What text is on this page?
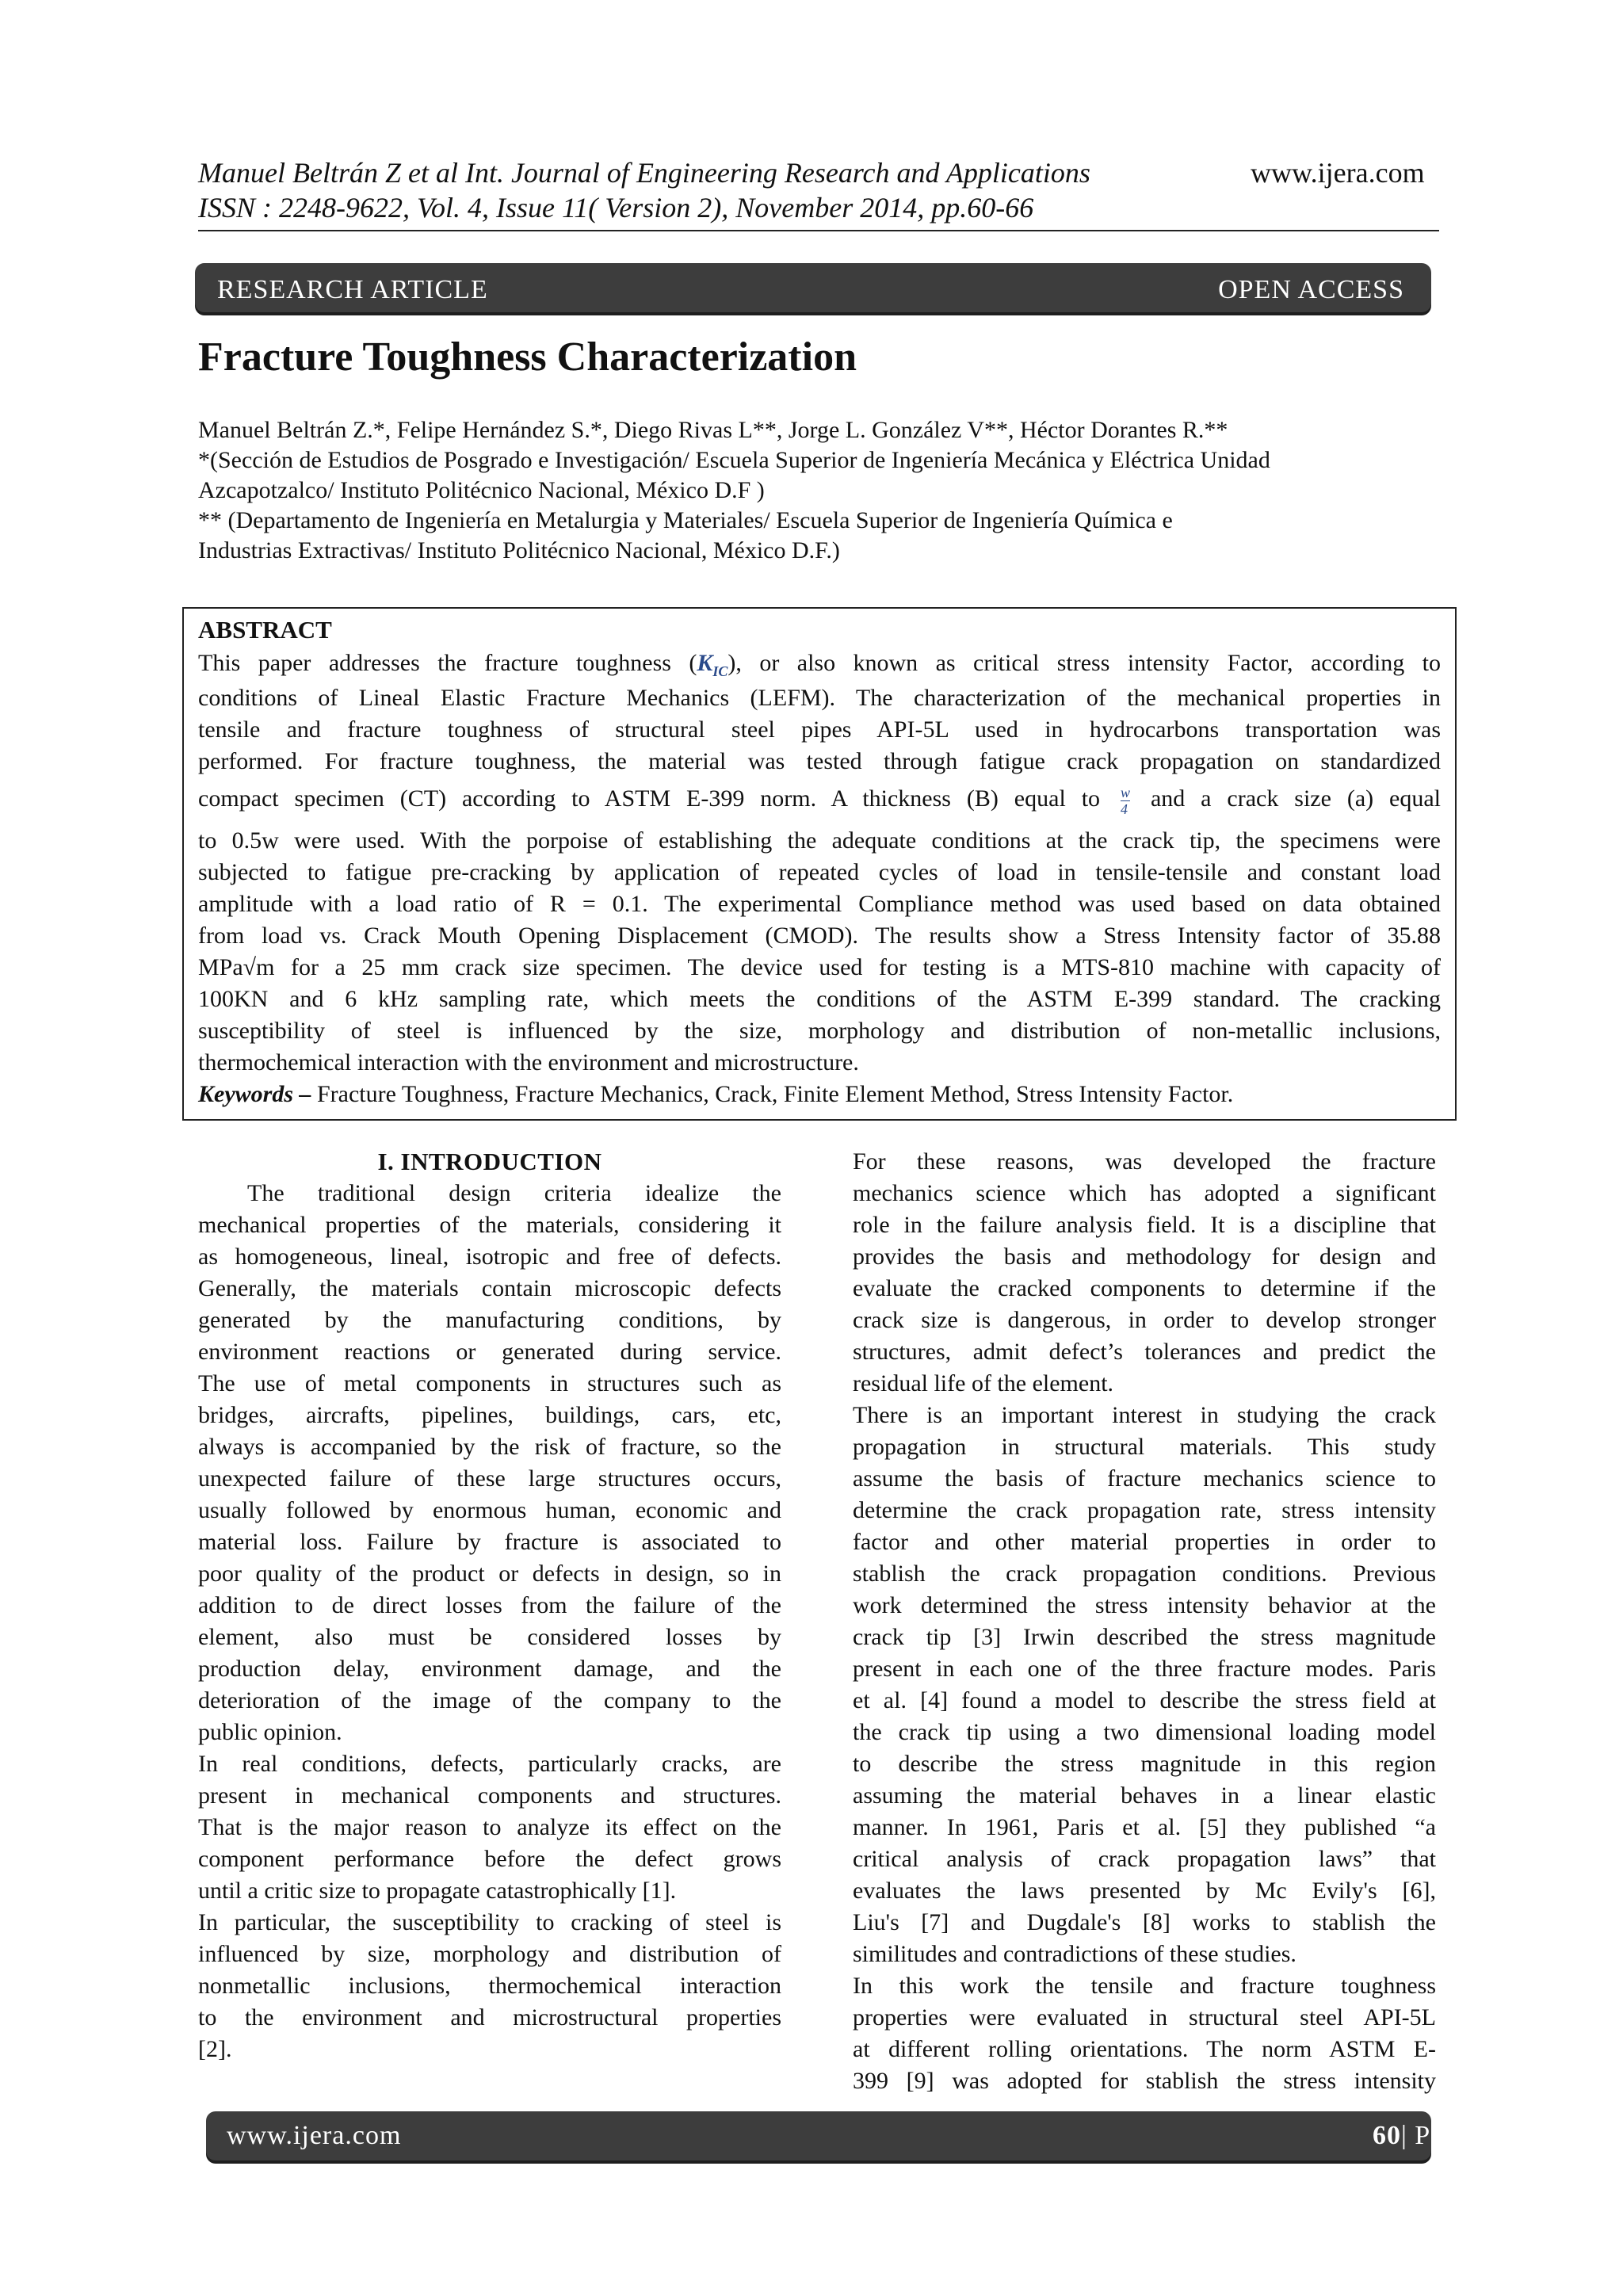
Manuel Beltrán Z et al Int. Journal of Engineering Research and Applications
ISSN : 2248-9622, Vol. 4, Issue 11( Version 2), November 2014, pp.60-66
www.ijera.com
RESEARCH ARTICLE	OPEN ACCESS
Fracture Toughness Characterization
Manuel Beltrán Z.*, Felipe Hernández S.*, Diego Rivas L**, Jorge L. González V**, Héctor Dorantes R.**
*(Sección de Estudios de Posgrado e Investigación/ Escuela Superior de Ingeniería Mecánica y Eléctrica Unidad
Azcapotzalco/ Instituto Politécnico Nacional, México D.F )
** (Departamento de Ingeniería en Metalurgia y Materiales/ Escuela Superior de Ingeniería Química e
Industrias Extractivas/ Instituto Politécnico Nacional, México D.F.)
ABSTRACT
This paper addresses the fracture toughness $(K_{IC})$, or also known as critical stress intensity Factor, according to
conditions of Lineal Elastic Fracture Mechanics (LEFM). The characterization of the mechanical properties in
tensile and fracture toughness of structural steel pipes API-5L used in hydrocarbons transportation was
performed. For fracture toughness, the material was tested through fatigue crack propagation on standardized
compact specimen (CT) according to ASTM E-399 norm. A thickness (B) equal to $\frac{w}{4}$ and a crack size (a) equal
to 0.5w were used. With the porpoise of establishing the adequate conditions at the crack tip, the specimens were
subjected to fatigue pre-cracking by application of repeated cycles of load in tensile-tensile and constant load
amplitude with a load ratio of R = 0.1. The experimental Compliance method was used based on data obtained
from load vs. Crack Mouth Opening Displacement (CMOD). The results show a Stress Intensity factor of 35.88
MPa√m for a 25 mm crack size specimen. The device used for testing is a MTS-810 machine with capacity of
100KN and 6 kHz sampling rate, which meets the conditions of the ASTM E-399 standard. The cracking
susceptibility of steel is influenced by the size, morphology and distribution of non-metallic inclusions,
thermochemical interaction with the environment and microstructure.
Keywords – Fracture Toughness, Fracture Mechanics, Crack, Finite Element Method, Stress Intensity Factor.
I. INTRODUCTION
The traditional design criteria idealize the
mechanical properties of the materials, considering it
as homogeneous, lineal, isotropic and free of defects.
Generally, the materials contain microscopic defects
generated by the manufacturing conditions, by
environment reactions or generated during service.
The use of metal components in structures such as
bridges, aircrafts, pipelines, buildings, cars, etc,
always is accompanied by the risk of fracture, so the
unexpected failure of these large structures occurs,
usually followed by enormous human, economic and
material loss. Failure by fracture is associated to
poor quality of the product or defects in design, so in
addition to de direct losses from the failure of the
element, also must be considered losses by
production delay, environment damage, and the
deterioration of the image of the company to the
public opinion.
In real conditions, defects, particularly cracks, are
present in mechanical components and structures.
That is the major reason to analyze its effect on the
component performance before the defect grows
until a critic size to propagate catastrophically [1].
In particular, the susceptibility to cracking of steel is
influenced by size, morphology and distribution of
nonmetallic inclusions, thermochemical interaction
to the environment and microstructural properties
[2].
For these reasons, was developed the fracture
mechanics science which has adopted a significant
role in the failure analysis field. It is a discipline that
provides the basis and methodology for design and
evaluate the cracked components to determine if the
crack size is dangerous, in order to develop stronger
structures, admit defect’s tolerances and predict the
residual life of the element.
There is an important interest in studying the crack
propagation in structural materials. This study
assume the basis of fracture mechanics science to
determine the crack propagation rate, stress intensity
factor and other material properties in order to
stablish the crack propagation conditions. Previous
work determined the stress intensity behavior at the
crack tip [3] Irwin described the stress magnitude
present in each one of the three fracture modes. Paris
et al. [4] found a model to describe the stress field at
the crack tip using a two dimensional loading model
to describe the stress magnitude in this region
assuming the material behaves in a linear elastic
manner. In 1961, Paris et al. [5] they published “a
critical analysis of crack propagation laws” that
evaluates the laws presented by Mc Evily's [6],
Liu's [7] and Dugdale's [8] works to stablish the
similitudes and contradictions of these studies.
In this work the tensile and fracture toughness
properties were evaluated in structural steel API-5L
at different rolling orientations. The norm ASTM E-
399 [9] was adopted for stablish the stress intensity
www.ijera.com	60 | P a g e
